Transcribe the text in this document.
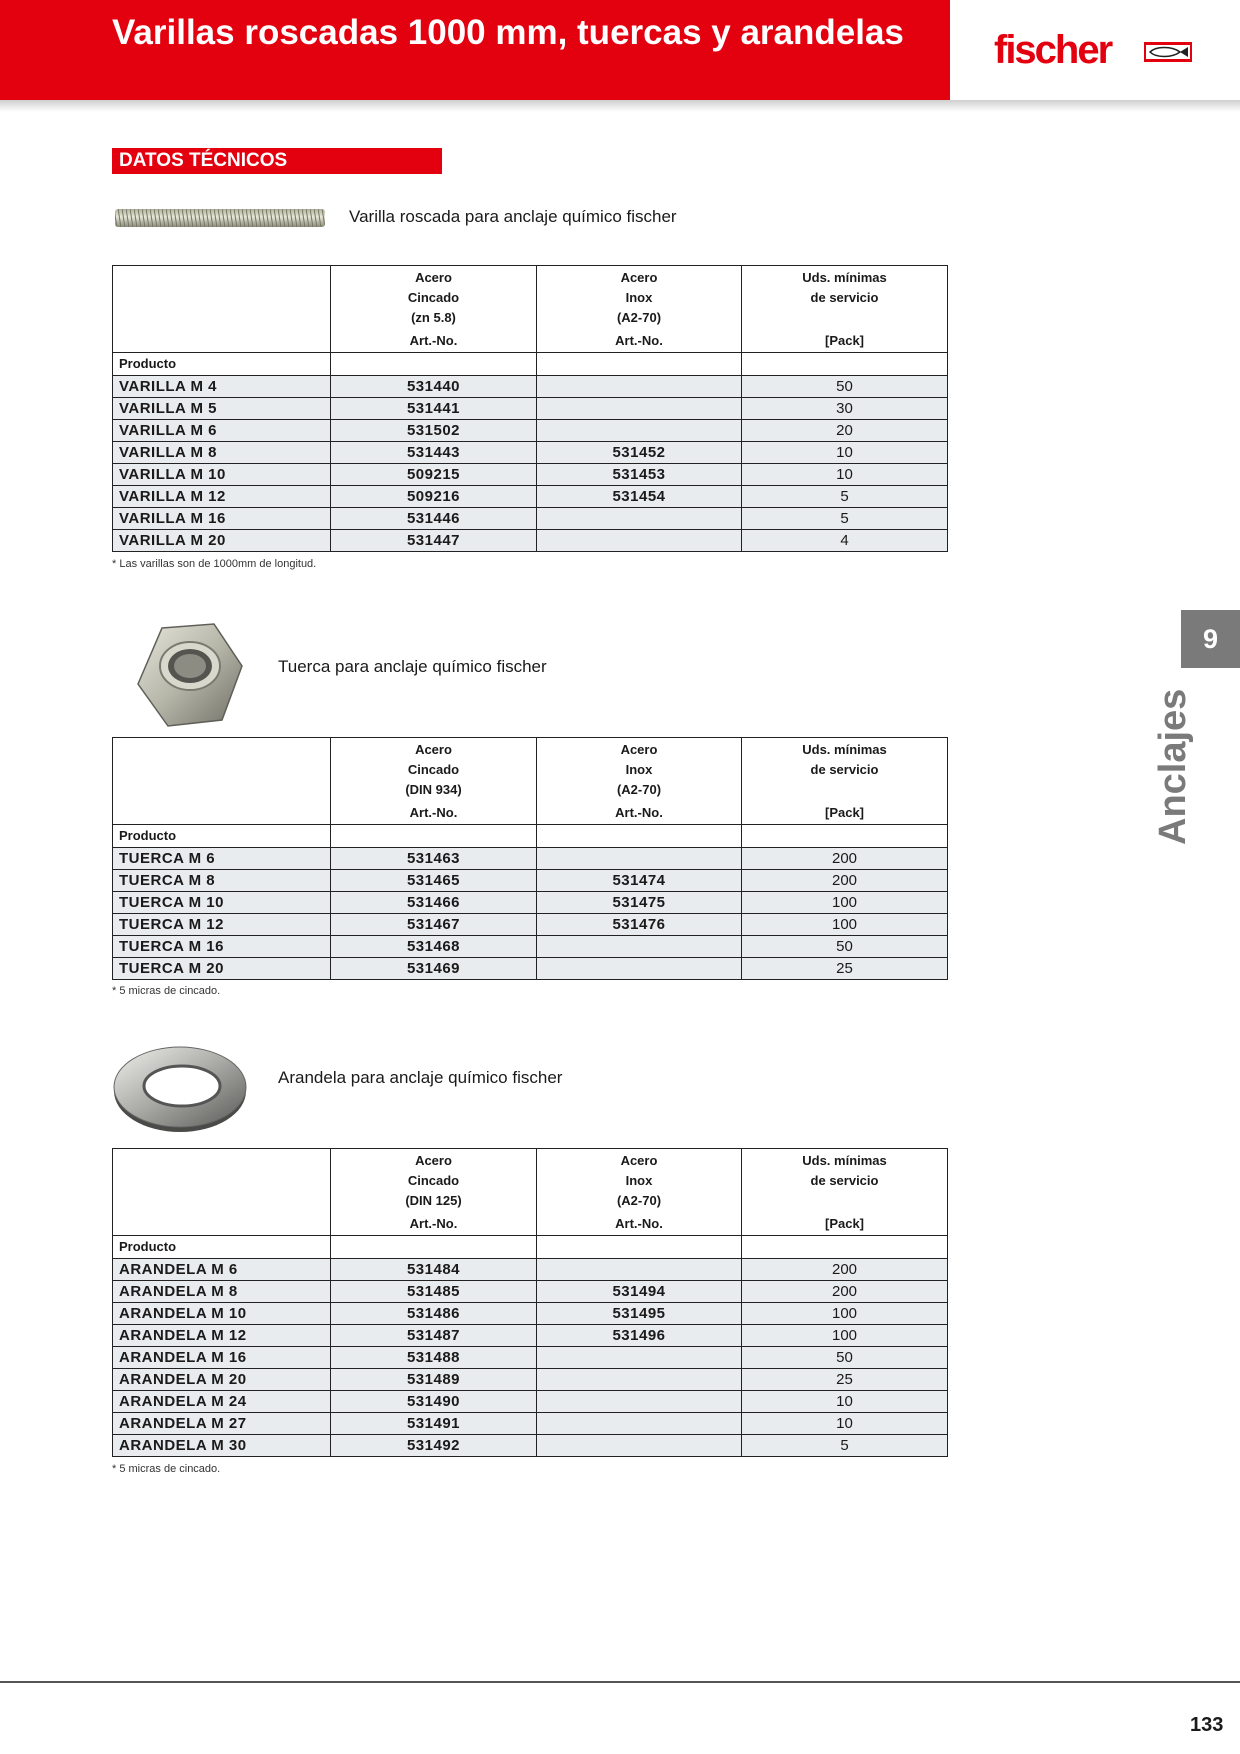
Varillas roscadas 1000 mm, tuercas y arandelas	fischer
DATOS TÉCNICOS
Varilla roscada para anclaje químico fischer

	Acero
Cincado
(zn 5.8)
Art.-No.	Acero
Inox
(A2-70)
Art.-No.	Uds. mínimas
de servicio

[Pack]

Producto			
VARILLA M 4	531440		50
VARILLA M 5	531441		30
VARILLA M 6	531502		20
VARILLA M 8	531443	531452	10
VARILLA M 10	509215	531453	10
VARILLA M 12	509216	531454	5
VARILLA M 16	531446		5
VARILLA M 20	531447		4
* Las varillas son de 1000mm de longitud.
Tuerca para anclaje químico fischer

	Acero
Cincado
(DIN 934)
Art.-No.	Acero
Inox
(A2-70)
Art.-No.	Uds. mínimas
de servicio

[Pack]

Producto			
TUERCA M 6	531463		200
TUERCA M 8	531465	531474	200
TUERCA M 10	531466	531475	100
TUERCA M 12	531467	531476	100
TUERCA M 16	531468		50
TUERCA M 20	531469		25
* 5 micras de cincado.
Arandela para anclaje químico fischer

	Acero
Cincado
(DIN 125)
Art.-No.	Acero
Inox
(A2-70)
Art.-No.	Uds. mínimas
de servicio

[Pack]

Producto			
ARANDELA M 6	531484		200
ARANDELA M 8	531485	531494	200
ARANDELA M 10	531486	531495	100
ARANDELA M 12	531487	531496	100
ARANDELA M 16	531488		50
ARANDELA M 20	531489		25
ARANDELA M 24	531490		10
ARANDELA M 27	531491		10
ARANDELA M 30	531492		5
* 5 micras de cincado.
9
Anclajes
133
